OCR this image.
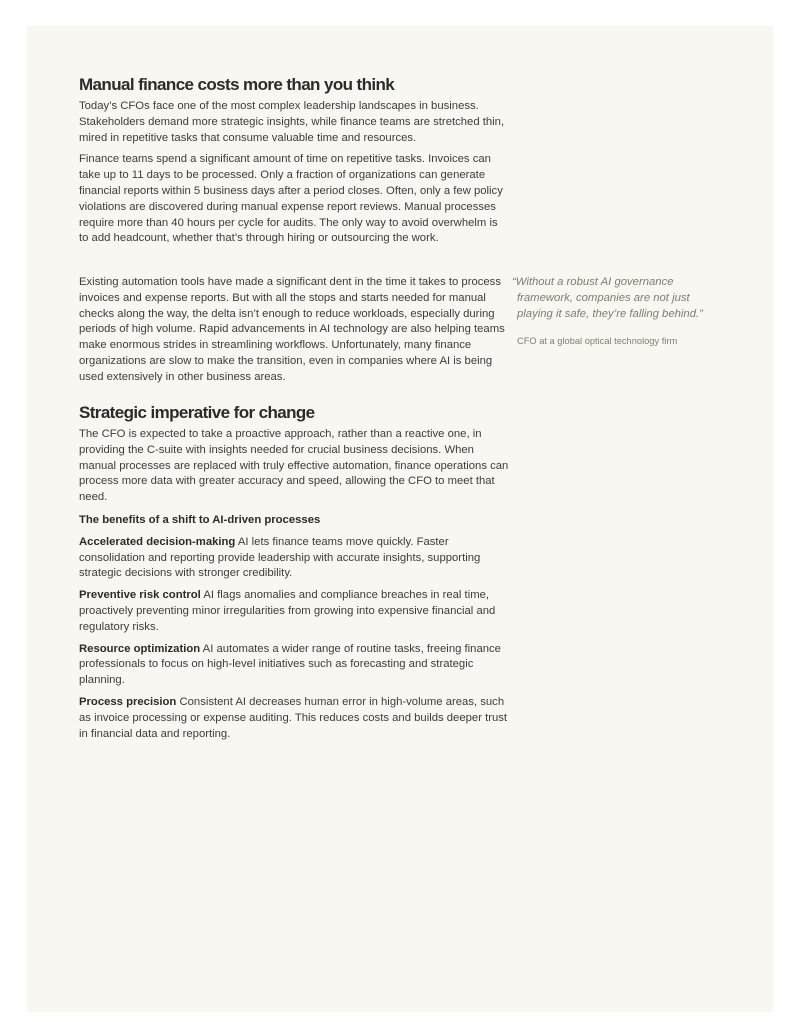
Manual finance costs more than you think

Today’s CFOs face one of the most complex leadership landscapes in business. Stakeholders demand more strategic insights, while finance teams are stretched thin, mired in repetitive tasks that consume valuable time and resources.

Finance teams spend a significant amount of time on repetitive tasks. Invoices can take up to 11 days to be processed. Only a fraction of organizations can generate financial reports within 5 business days after a period closes. Often, only a few policy violations are discovered during manual expense report reviews. Manual processes require more than 40 hours per cycle for audits. The only way to avoid overwhelm is to add headcount, whether that’s through hiring or outsourcing the work.

Existing automation tools have made a significant dent in the time it takes to process invoices and expense reports. But with all the stops and starts needed for manual checks along the way, the delta isn’t enough to reduce workloads, especially during periods of high volume. Rapid advancements in AI technology are also helping teams make enormous strides in streamlining workflows. Unfortunately, many finance organizations are slow to make the transition, even in companies where AI is being used extensively in other business areas.

“Without a robust AI governance framework, companies are not just playing it safe, they’re falling behind.”

CFO at a global optical technology firm

Strategic imperative for change

The CFO is expected to take a proactive approach, rather than a reactive one, in providing the C-suite with insights needed for crucial business decisions. When manual processes are replaced with truly effective automation, finance operations can process more data with greater accuracy and speed, allowing the CFO to meet that need.

The benefits of a shift to AI-driven processes

Accelerated decision-making AI lets finance teams move quickly. Faster consolidation and reporting provide leadership with accurate insights, supporting strategic decisions with stronger credibility.

Preventive risk control AI flags anomalies and compliance breaches in real time, proactively preventing minor irregularities from growing into expensive financial and regulatory risks.

Resource optimization AI automates a wider range of routine tasks, freeing finance professionals to focus on high-level initiatives such as forecasting and strategic planning.

Process precision Consistent AI decreases human error in high-volume areas, such as invoice processing or expense auditing. This reduces costs and builds deeper trust in financial data and reporting.
